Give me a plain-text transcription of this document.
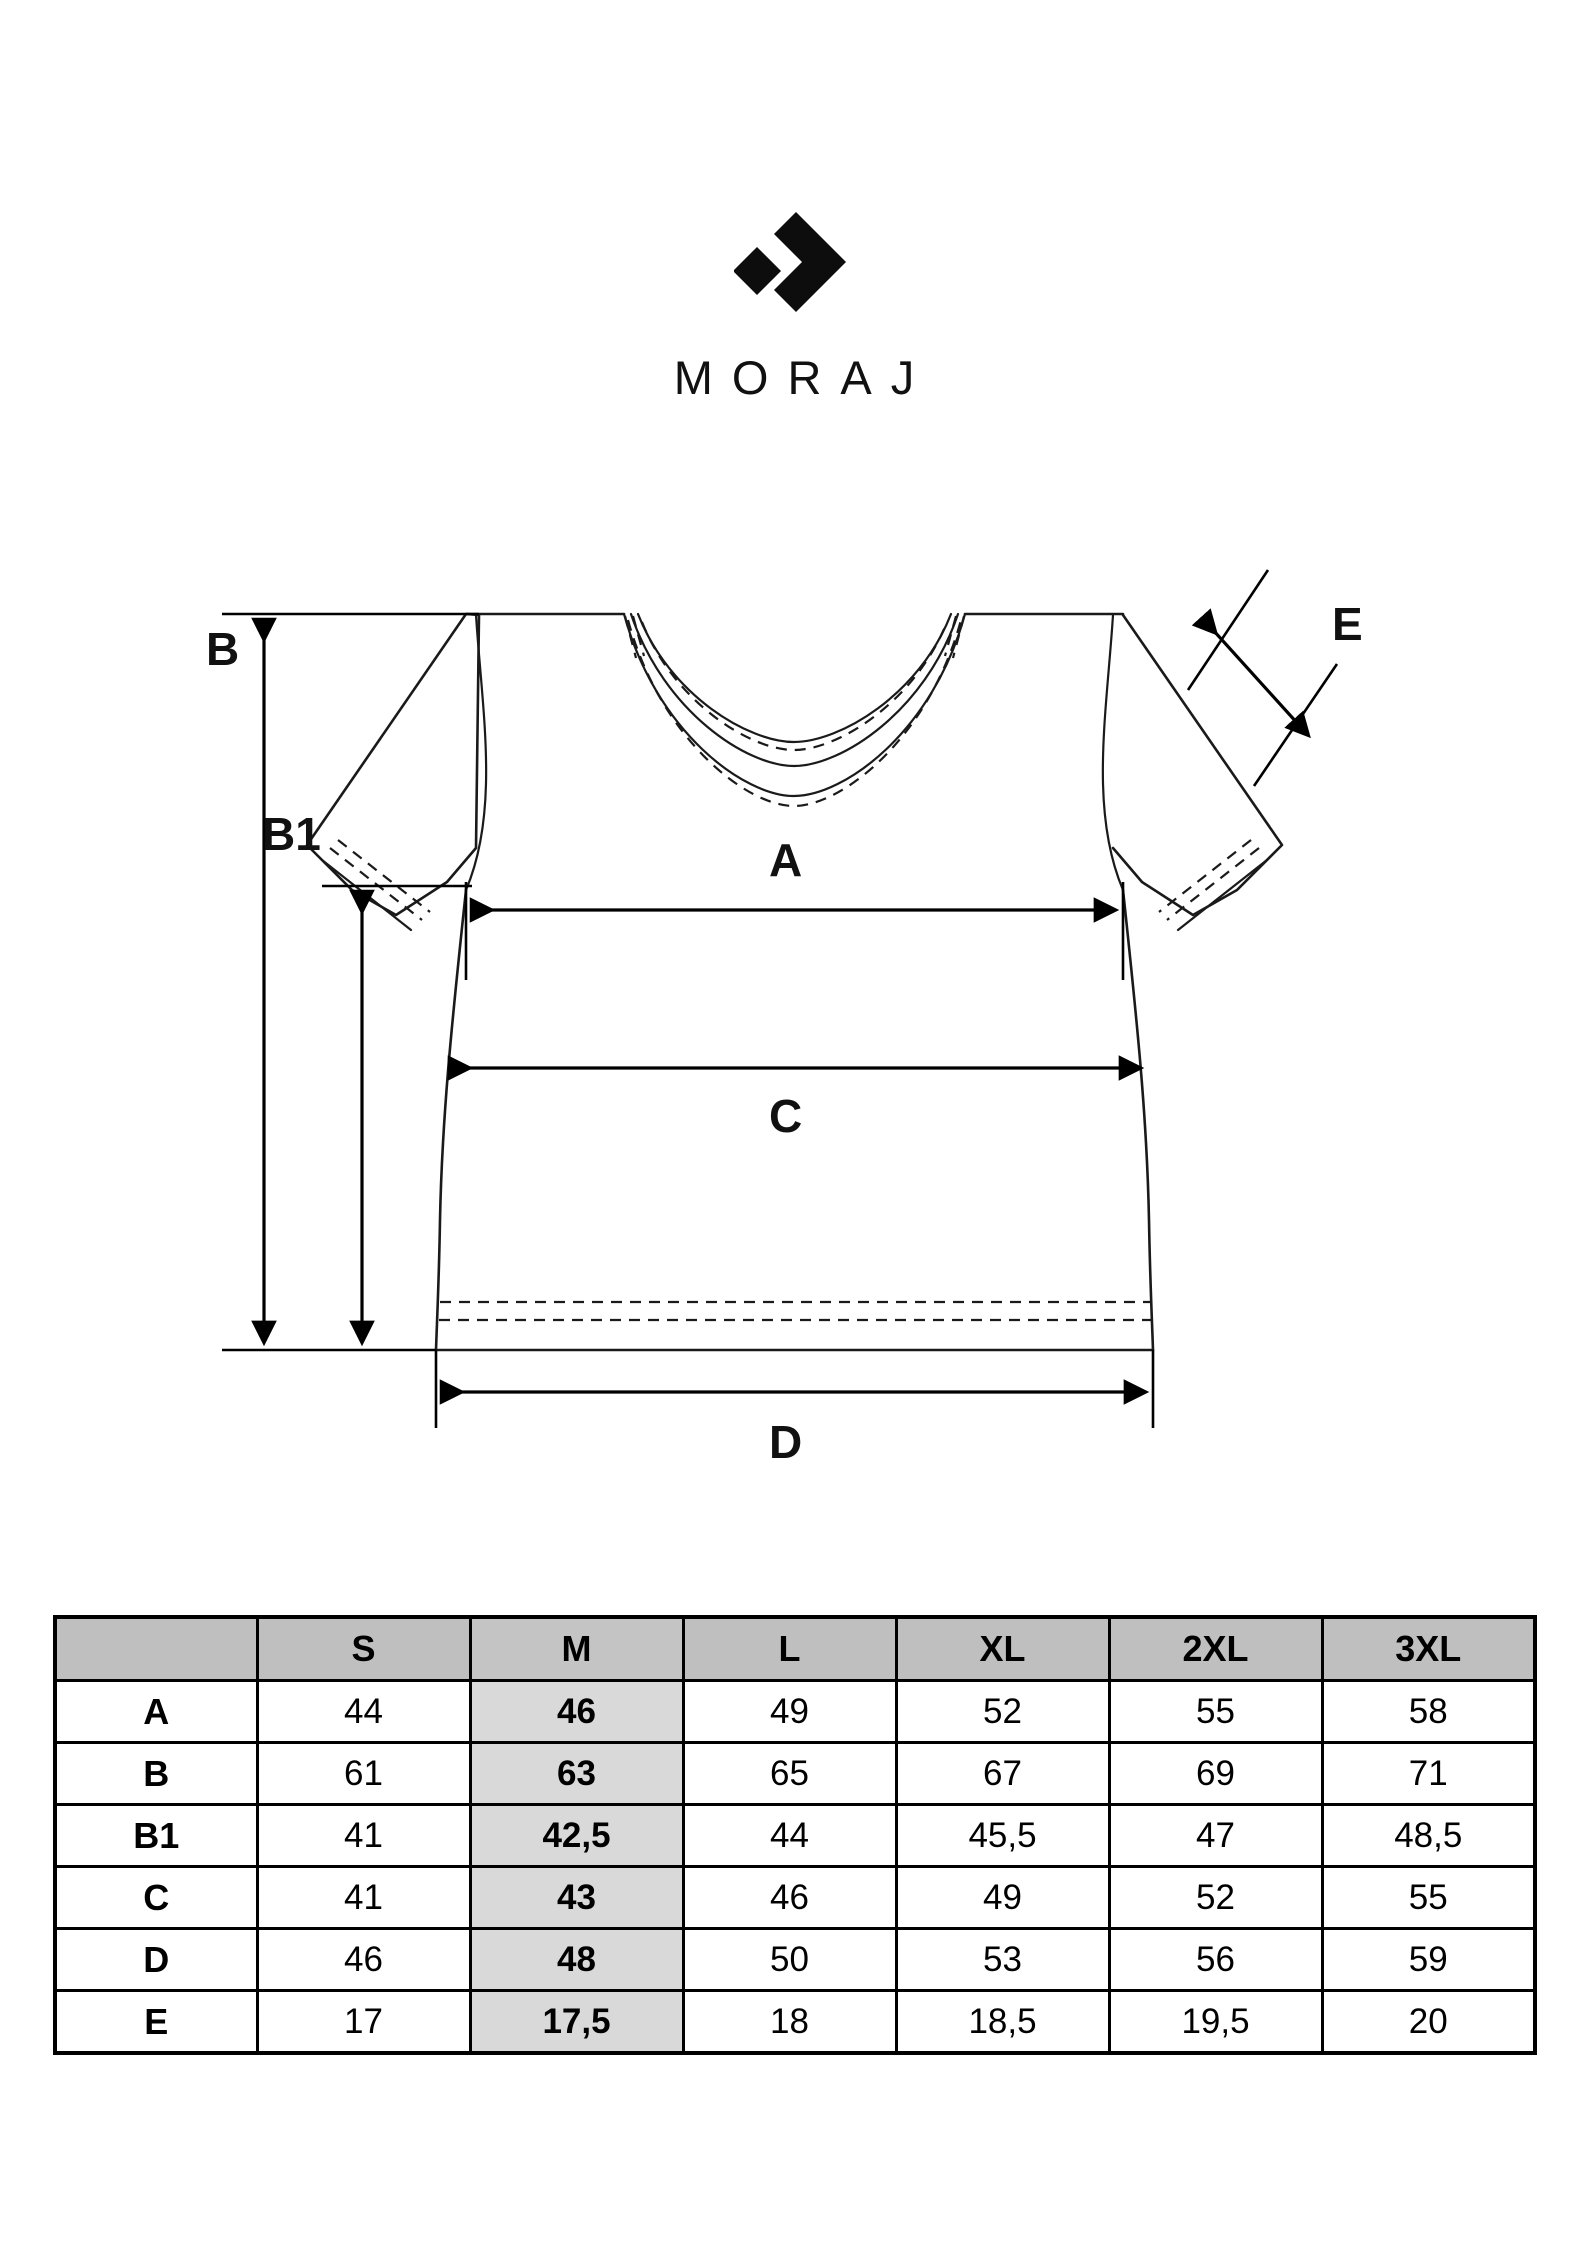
MORAJ
B
B1	A
C
D
E
	S	M	L	XL	2XL	3XL
A	44	46	49	52	55	58
B	61	63	65	67	69	71
B1	41	42,5	44	45,5	47	48,5
C	41	43	46	49	52	55
D	46	48	50	53	56	59
E	17	17,5	18	18,5	19,5	20
